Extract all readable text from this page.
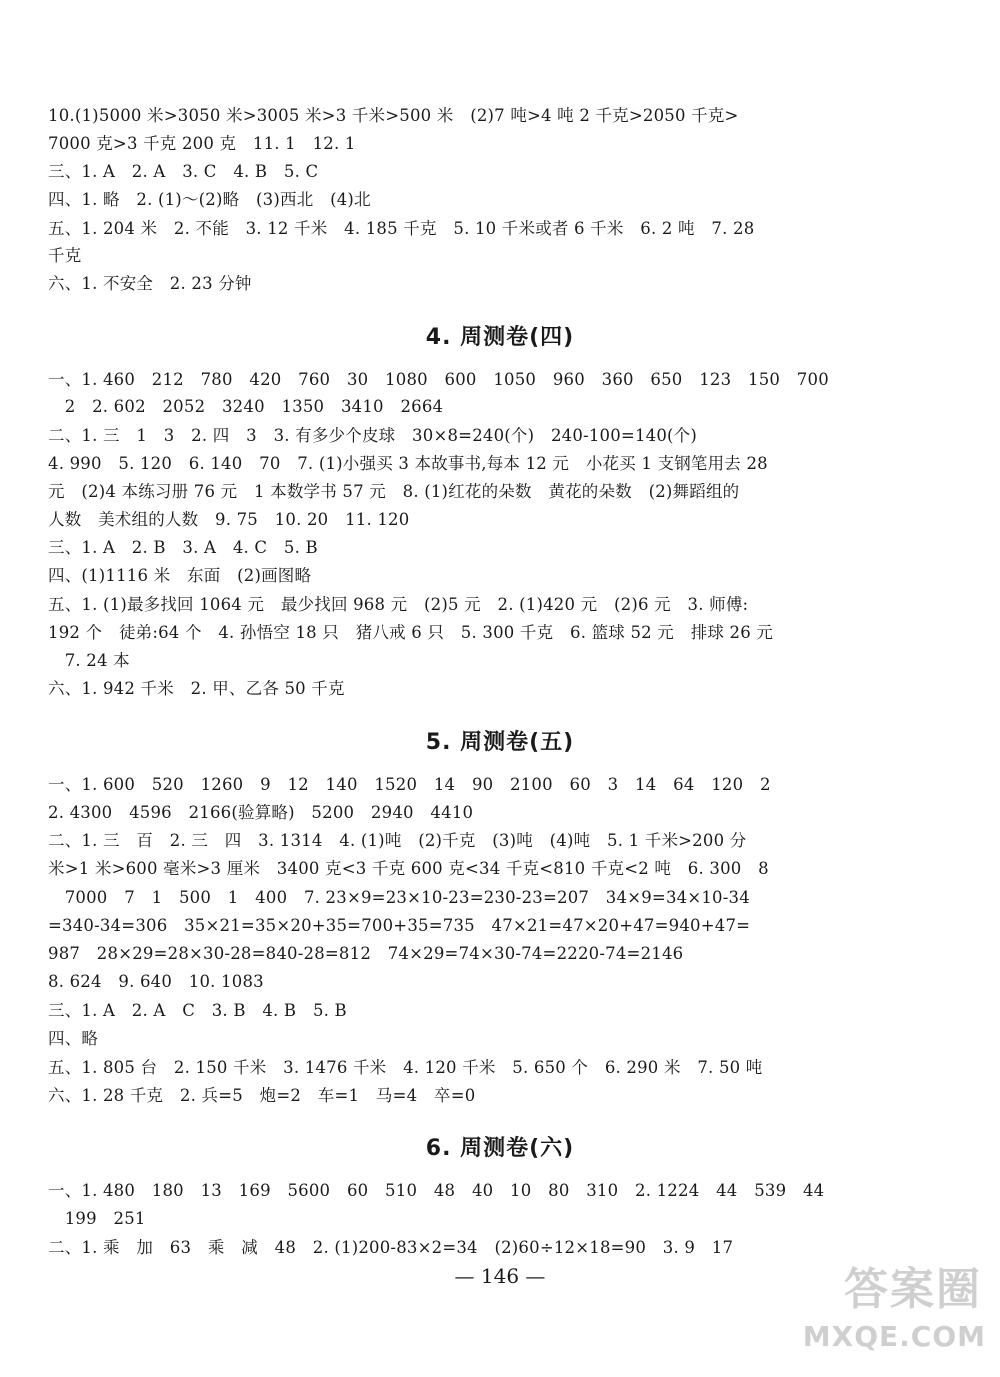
10.(1)5000 米>3050 米>3005 米>3 千米>500 米　(2)7 吨>4 吨 2 千克>2050 千克>
7000 克>3 千克 200 克　11. 1　12. 1
三、1. A　2. A　3. C　4. B　5. C
四、1. 略　2. (1)～(2)略　(3)西北　(4)北
五、1. 204 米　2. 不能　3. 12 千米　4. 185 千克　5. 10 千米或者 6 千米　6. 2 吨　7. 28
千克
六、1. 不安全　2. 23 分钟
4. 周测卷(四)
一、1. 460　212　780　420　760　30　1080　600　1050　960　360　650　123　150　700
　2　2. 602　2052　3240　1350　3410　2664
二、1. 三　1　3　2. 四　3　3. 有多少个皮球　30×8=240(个)　240-100=140(个)
4. 990　5. 120　6. 140　70　7. (1)小强买 3 本故事书,每本 12 元　小花买 1 支钢笔用去 28
元　(2)4 本练习册 76 元　1 本数学书 57 元　8. (1)红花的朵数　黄花的朵数　(2)舞蹈组的
人数　美术组的人数　9. 75　10. 20　11. 120
三、1. A　2. B　3. A　4. C　5. B
四、(1)1116 米　东面　(2)画图略
五、1. (1)最多找回 1064 元　最少找回 968 元　(2)5 元　2. (1)420 元　(2)6 元　3. 师傅:
192 个　徒弟:64 个　4. 孙悟空 18 只　猪八戒 6 只　5. 300 千克　6. 篮球 52 元　排球 26 元
　7. 24 本
六、1. 942 千米　2. 甲、乙各 50 千克
5. 周测卷(五)
一、1. 600　520　1260　9　12　140　1520　14　90　2100　60　3　14　64　120　2
2. 4300　4596　2166(验算略)　5200　2940　4410
二、1. 三　百　2. 三　四　3. 1314　4. (1)吨　(2)千克　(3)吨　(4)吨　5. 1 千米>200 分
米>1 米>600 毫米>3 厘米　3400 克<3 千克 600 克<34 千克<810 千克<2 吨　6. 300　8
　7000　7　1　500　1　400　7. 23×9=23×10-23=230-23=207　34×9=34×10-34
=340-34=306　35×21=35×20+35=700+35=735　47×21=47×20+47=940+47=
987　28×29=28×30-28=840-28=812　74×29=74×30-74=2220-74=2146
8. 624　9. 640　10. 1083
三、1. A　2. A　C　3. B　4. B　5. B
四、略
五、1. 805 台　2. 150 千米　3. 1476 千米　4. 120 千米　5. 650 个　6. 290 米　7. 50 吨
六、1. 28 千克　2. 兵=5　炮=2　车=1　马=4　卒=0
6. 周测卷(六)
一、1. 480　180　13　169　5600　60　510　48　40　10　80　310　2. 1224　44　539　44
　199　251
二、1. 乘　加　63　乘　减　48　2. (1)200-83×2=34　(2)60÷12×18=90　3. 9　17
— 146 —	答案圈
MXQE.COM
